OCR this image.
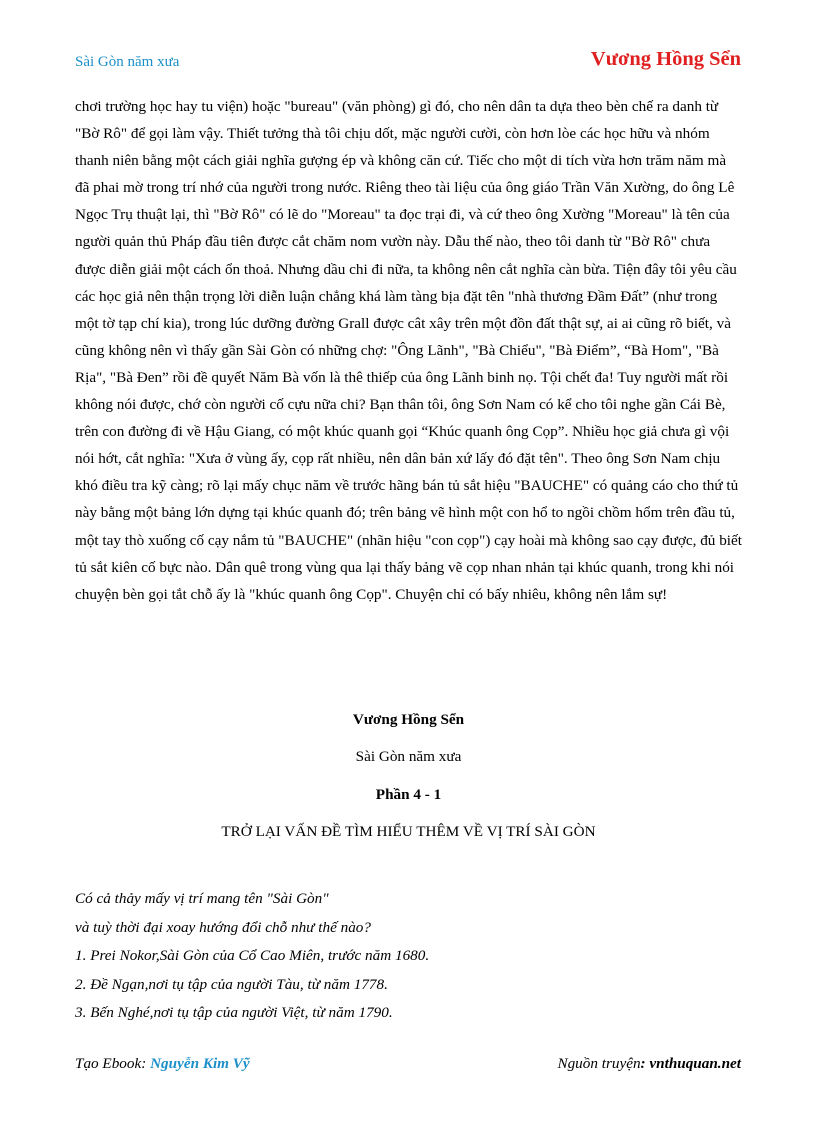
Sài Gòn năm xưa	Vương Hồng Sển

chơi trường học hay tu viện) hoặc "bureau" (văn phòng) gì đó, cho nên dân ta dựa theo bèn chế ra danh từ "Bờ Rô" để gọi làm vậy. Thiết tưởng thà tôi chịu dốt, mặc người cười, còn hơn lòe các học hữu và nhóm thanh niên bằng một cách giải nghĩa gượng ép và không căn cứ. Tiếc cho một di tích vừa hơn trăm năm mà đã phai mờ trong trí nhớ của người trong nước. Riêng theo tài liệu của ông giáo Trần Văn Xường, do ông Lê Ngọc Trụ thuật lại, thì "Bờ Rô" có lẽ do "Moreau" ta đọc trại đi, và cứ theo ông Xường "Moreau" là tên của người quản thủ Pháp đầu tiên được cắt chăm nom vườn này. Dẫu thế nào, theo tôi danh từ "Bờ Rô" chưa được diễn giải một cách ổn thoả. Nhưng dầu chi đi nữa, ta không nên cắt nghĩa càn bừa. Tiện đây tôi yêu cầu các học giả nên thận trọng lời diễn luận chẳng khá làm tàng bịa đặt tên "nhà thương Đầm Đất” (như trong một tờ tạp chí kia), trong lúc dưỡng đường Grall được cât xây trên một đồn đất thật sự, ai ai cũng rõ biết, và cũng không nên vì thấy gần Sài Gòn có những chợ: "Ông Lãnh", "Bà Chiểu", "Bà Điểm”, “Bà Hom", "Bà Rịa", "Bà Đen” rồi đề quyết Năm Bà vốn là thê thiếp của ông Lãnh binh nọ. Tội chết đa! Tuy người mất rồi không nói được, chớ còn người cố cựu nữa chi? Bạn thân tôi, ông Sơn Nam có kể cho tôi nghe gần Cái Bè, trên con đường đi về Hậu Giang, có một khúc quanh gọi “Khúc quanh ông Cọp”. Nhiều học giả chưa gì vội nói hớt, cắt nghĩa: "Xưa ở vùng ấy, cọp rất nhiều, nên dân bản xứ lấy đó đặt tên". Theo ông Sơn Nam chịu khó điều tra kỹ càng; rõ lại mấy chục năm về trước hãng bán tủ sắt hiệu "BAUCHE" có quảng cáo cho thứ tủ này bằng một bảng lớn dựng tại khúc quanh đó; trên bảng vẽ hình một con hổ to ngồi chồm hổm trên đầu tủ, một tay thò xuống cố cạy nắm tủ "BAUCHE" (nhãn hiệu "con cọp") cạy hoài mà không sao cạy được, đủ biết tủ sắt kiên cố bực nào. Dân quê trong vùng qua lại thấy bảng vẽ cọp nhan nhản tại khúc quanh, trong khi nói chuyện bèn gọi tắt chỗ ấy là "khúc quanh ông Cọp". Chuyện chỉ có bấy nhiêu, không nên lắm sự!

Vương Hồng Sển
Sài Gòn năm xưa
Phần 4 - 1
TRỞ LẠI VẤN ĐỀ TÌM HIỂU THÊM VỀ VỊ TRÍ SÀI GÒN
Có cả thảy mấy vị trí mang tên "Sài Gòn"
và tuỳ thời đại xoay hướng đổi chỗ như thế nào?
1. Prei Nokor,Sài Gòn của Cổ Cao Miên, trước năm 1680.
2. Đề Ngạn,nơi tụ tập của người Tàu, từ năm 1778.
3. Bến Nghé,nơi tụ tập của người Việt, từ năm 1790.
Tạo Ebook: Nguyễn Kim Vỹ	Nguồn truyện: vnthuquan.net
